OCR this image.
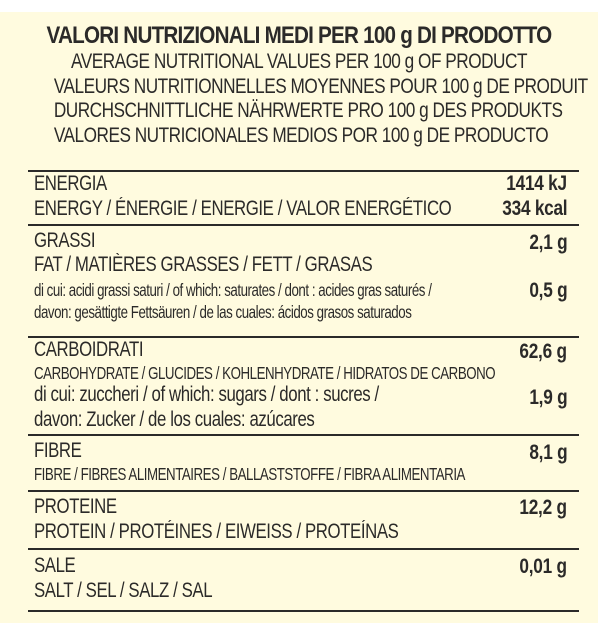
VALORI NUTRIZIONALI MEDI PER 100 g DI PRODOTTO
AVERAGE NUTRITIONAL VALUES PER 100 g OF PRODUCT
VALEURS NUTRITIONNELLES MOYENNES POUR 100 g DE PRODUIT
DURCHSCHNITTLICHE NÄHRWERTE PRO 100 g DES PRODUKTS
VALORES NUTRICIONALES MEDIOS POR 100 g DE PRODUCTO
ENERGIA
ENERGY / ÉNERGIE / ENERGIE / VALOR ENERGÉTICO
1414 kJ
334 kcal
GRASSI
FAT / MATIÈRES GRASSES / FETT / GRASAS
2,1 g
di cui: acidi grassi saturi / of which: saturates / dont : acides gras saturés /
davon: gesättigte Fettsäuren / de las cuales: ácidos grasos saturados
0,5 g
CARBOIDRATI
CARBOHYDRATE / GLUCIDES / KOHLENHYDRATE / HIDRATOS DE CARBONO
62,6 g
di cui: zuccheri / of which: sugars / dont : sucres /
davon: Zucker / de los cuales: azúcares
1,9 g
FIBRE
FIBRE / FIBRES ALIMENTAIRES / BALLASTSTOFFE / FIBRA ALIMENTARIA
8,1 g
PROTEINE
PROTEIN / PROTÉINES / EIWEISS / PROTEÍNAS
12,2 g
SALE
SALT / SEL / SALZ / SAL
0,01 g
